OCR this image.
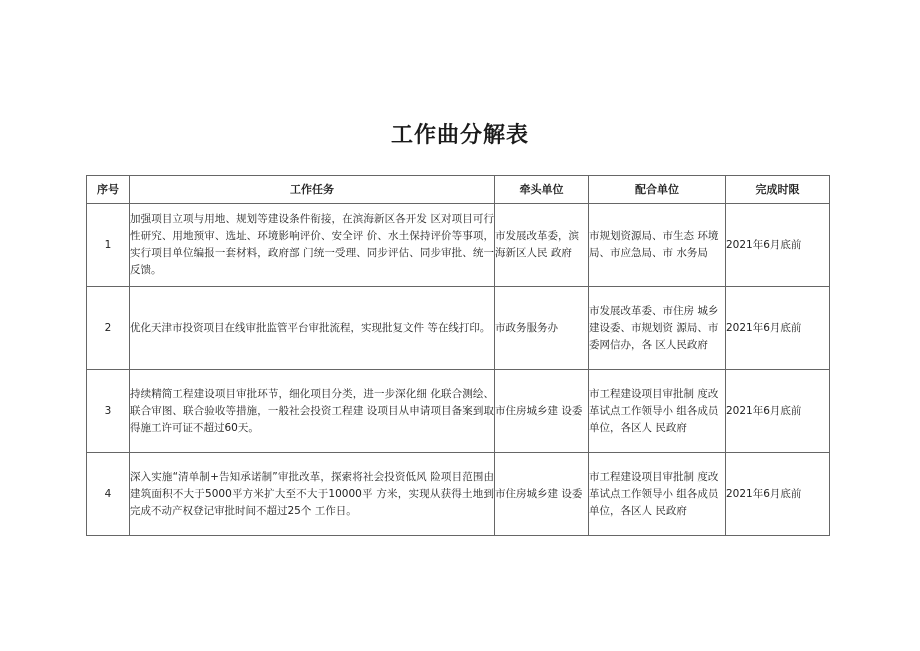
工作曲分解表
序号	工作任务	牵头单位	配合单位	完成时限
1	加强项目立项与用地、规划等建设条件衔接，在滨海新区各开发 区对项目可行性研究、用地预审、选址、环境影响评价、安全评 价、水土保持评价等事项，实行项目单位编报一套材料，政府部 门统一受理、同步评估、同步审批、统一反馈。	市发展改革委，滨海新区人民 政府	市规划资源局、市生态 环境局、市应急局、市 水务局	2021年6月底前
2	优化天津市投资项目在线审批监管平台审批流程，实现批复文件 等在线打印。	市政务服务办	市发展改革委、市住房 城乡建设委、市规划资 源局、市委网信办，各 区人民政府	2021年6月底前
3	持续精简工程建设项目审批环节，细化项目分类，进一步深化细 化联合测绘、联合审图、联合验收等措施，一般社会投资工程建 设项目从申请项目备案到取得施工许可证不超过60天。	市住房城乡建 设委	市工程建设项目审批制 度改革试点工作领导小 组各成员单位，各区人 民政府	2021年6月底前
4	深入实施“清单制+告知承诺制”审批改革，探索将社会投资低风 险项目范围由建筑面积不大于5000平方米扩大至不大于10000平 方米，实现从获得土地到完成不动产权登记审批时间不超过25个 工作日。	市住房城乡建 设委	市工程建设项目审批制 度改革试点工作领导小 组各成员单位，各区人 民政府	2021年6月底前
